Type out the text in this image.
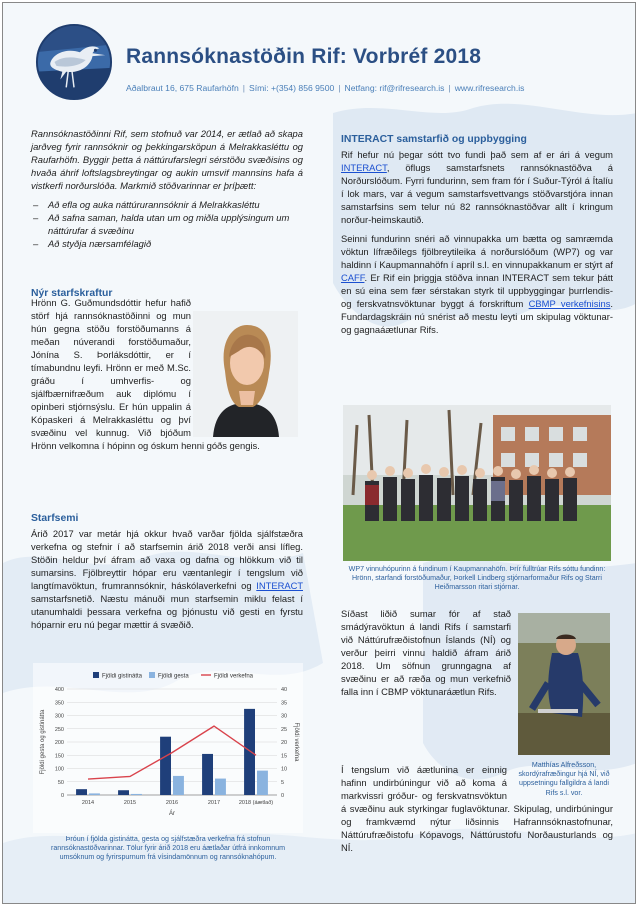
Rannsóknastöðin Rif: Vorbréf 2018
Aðalbraut 16, 675 Raufarhöfn | Sími: +(354) 856 9500 | Netfang: rif@rifresearch.is | www.rifresearch.is

Rannsóknastöðinni Rif, sem stofnuð var 2014, er ætlað að skapa jarðveg fyrir rannsóknir og þekkingarsköpun á Melrakkasléttu og Raufarhöfn. Byggir þetta á náttúrufarslegri sérstöðu svæðisins og hvaða áhrif loftslagsbreytingar og aukin umsvif mannsins hafa á vistkerfi norðurslóða. Markmið stöðvarinnar er þríþætt:

– Að efla og auka náttúrurannsóknir á Melrakkasléttu
– Að safna saman, halda utan um og miðla upplýsingum um náttúrufar á svæðinu
– Að styðja nærsamfélagið
Nýr starfskraftur

Hrönn G. Guðmundsdóttir hefur hafið störf hjá rannsóknastöðinni og mun hún gegna stöðu forstöðumanns á meðan núverandi forstöðumaður, Jónína S. Þorláksdóttir, er í tímabundnu leyfi. Hrönn er með M.Sc. gráðu í umhverfis- og sjálfbærnifræðum auk diplómu í opinberi stjórnsýslu. Er hún uppalin á Kópaskeri á Melrakkasléttu og því svæðinu vel kunnug. Við bjóðum Hrönn velkomna í hópinn og óskum henni góðs gengis.

Starfsemi

Árið 2017 var metár hjá okkur hvað varðar fjölda sjálfstæðra verkefna og stefnir í að starfsemin árið 2018 verði ansi lífleg. Stöðin heldur því áfram að vaxa og dafna og hlökkum við til sumarsins. Fjölbreyttir hópar eru væntanlegir í tengslum við langtímavöktun, frumrannsóknir, háskólaverkefni og INTERACT samstarfsnetið. Næstu mánuði mun starfsemin miklu felast í utanumhaldi þessara verkefna og þjónustu við gesti en fyrstu hóparnir eru nú þegar mættir á svæðið.

0
50
100
150
200
250
300
350
400
0
5
10
15
20
25
30
35
40
2014	2015	2016	2017	2018 (áætlað)
Ár
Fjöldi gesta og gistinátta	Fjöldi verkefna
Fjöldi gistinátta	Fjöldi gesta	Fjöldi verkefna
Þróun í fjölda gistinátta, gesta og sjálfstæðra verkefna frá stofnun rannsóknastöðvarinnar. Tölur fyrir árið 2018 eru áætlaðar útfrá innkomnum umsóknum og fyrirspurnum frá vísindamönnum og rannsóknahópum.
INTERACT samstarfið og uppbygging

Rif hefur nú þegar sótt tvo fundi það sem af er ári á vegum INTERACT, öflugs samstarfsnets rannsóknastöðva á Norðurslóðum. Fyrri fundurinn, sem fram fór í Suður-Týról á Ítalíu í lok mars, var á vegum samstarfsvettvangs stöðvarstjóra innan samstarfsins sem telur nú 82 rannsóknastöðvar allt í kringum norður-heimskautið.

Seinni fundurinn snéri að vinnupakka um bætta og samræmda vöktun lífræðilegs fjölbreytileika á norðurslóðum (WP7) og var haldinn í Kaupmannahöfn í apríl s.l. en vinnupakkanum er stýrt af CAFF. Er Rif ein þriggja stöðva innan INTERACT sem tekur þátt en sú eina sem fær sérstakan styrk til uppbyggingar þurrlendis- og ferskvatnsvöktunar byggt á forskriftum CBMP verkefnisins. Fundardagskráin nú snérist að mestu leyti um skipulag vöktunar- og gagnaáætlunar Rifs.

WP7 vinnuhópurinn á fundinum í Kaupmannahöfn. Þrír fulltrúar Rifs sóttu fundinn: Hrönn, starfandi forstöðumaður, Þorkell Lindberg stjórnarformaður Rifs og Starri Heiðmarsson ritari stjórnar.

Síðast liðið sumar fór af stað smádýravöktun á landi Rifs í samstarfi við Náttúrufræðistofnun Íslands (NÍ) og verður þeirri vinnu haldið áfram árið 2018. Um söfnun grunngagna af svæðinu er að ræða og mun verkefnið falla inn í CBMP vöktunaráætlun Rifs.

Matthías Alfreðsson, skordýrafræðingur hjá NÍ, við uppsetningu fallgildra á landi Rifs s.l. vor.

Í tengslum við áætlunina er einnig hafinn undirbúningur við að koma á markvissri gróður- og ferskvatnsvöktun á svæðinu auk styrkingar fuglavöktunar. Skipulag, undirbúningur og framkvæmd nýtur liðsinnis Hafrannsóknastofnunar, Náttúrufræðistofu Kópavogs, Náttúrustofu Norðausturlands og NÍ.
